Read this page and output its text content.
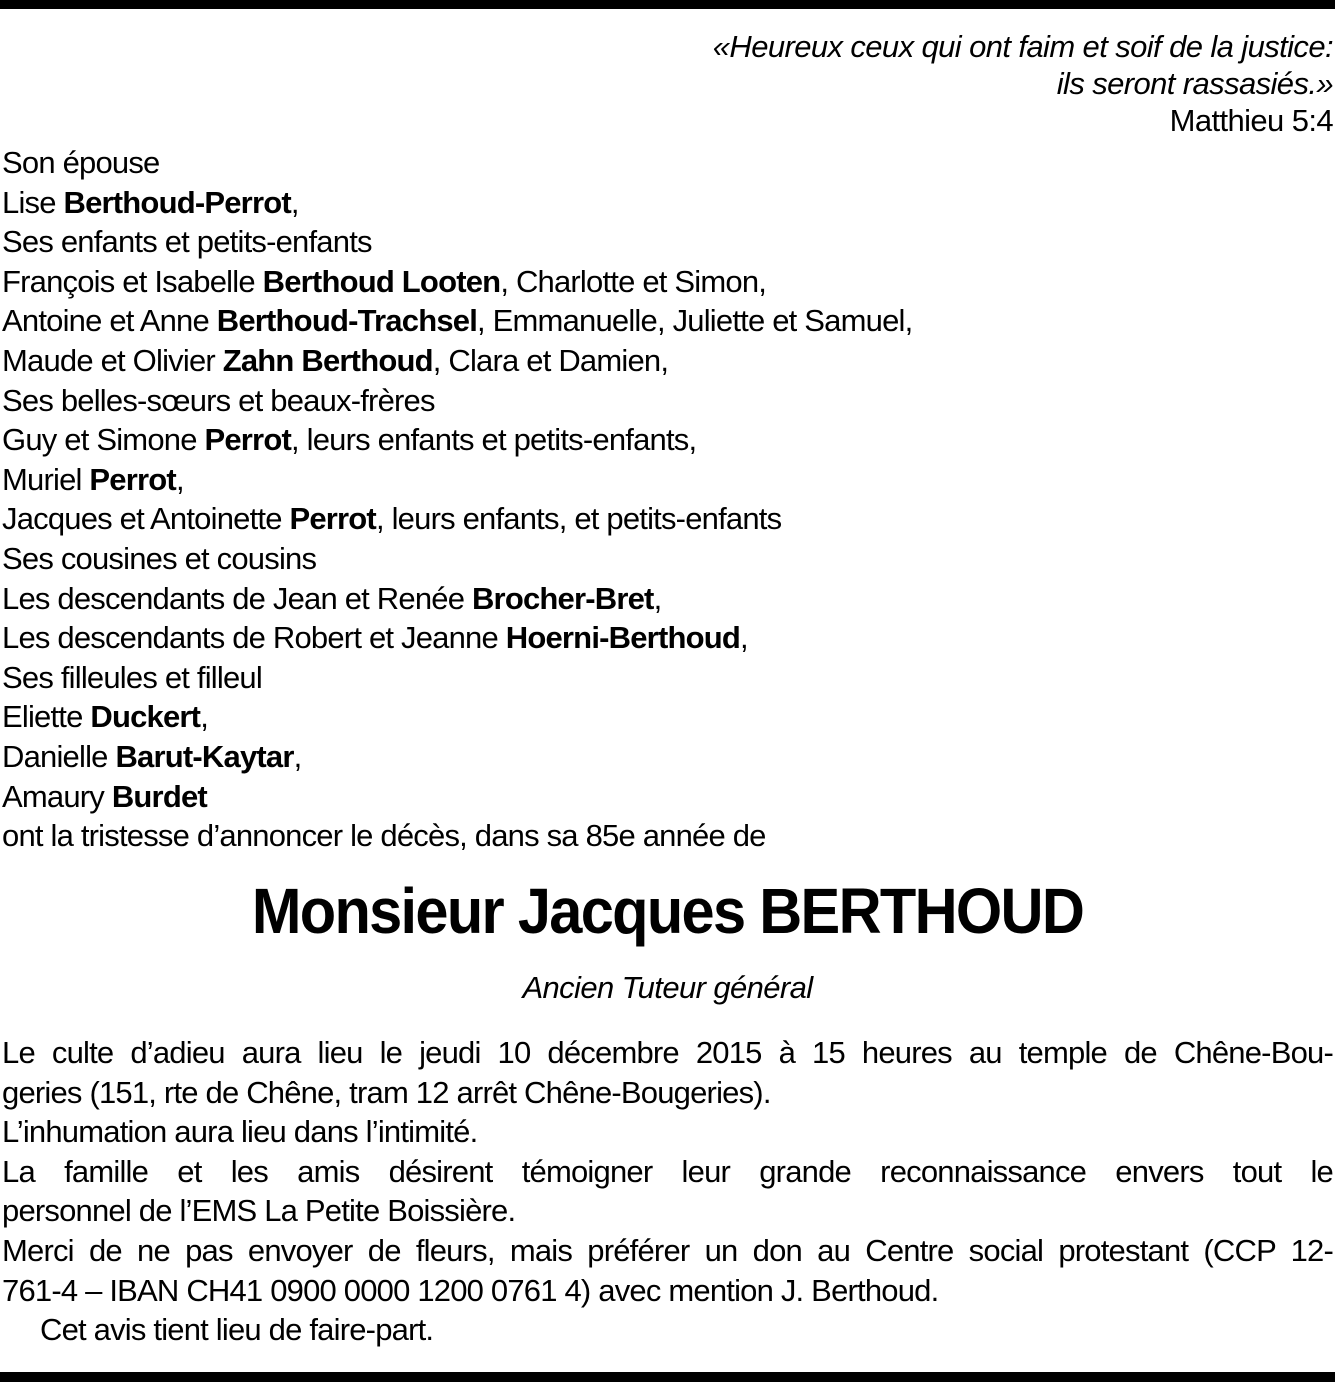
«Heureux ceux qui ont faim et soif de la justice:
ils seront rassasiés.»
Matthieu 5:4
Son épouse
Lise Berthoud-Perrot,
Ses enfants et petits-enfants
François et Isabelle Berthoud Looten, Charlotte et Simon,
Antoine et Anne Berthoud-Trachsel, Emmanuelle, Juliette et Samuel,
Maude et Olivier Zahn Berthoud, Clara et Damien,
Ses belles-sœurs et beaux-frères
Guy et Simone Perrot, leurs enfants et petits-enfants,
Muriel Perrot,
Jacques et Antoinette Perrot, leurs enfants, et petits-enfants
Ses cousines et cousins
Les descendants de Jean et Renée Brocher-Bret,
Les descendants de Robert et Jeanne Hoerni-Berthoud,
Ses filleules et filleul
Eliette Duckert,
Danielle Barut-Kaytar,
Amaury Burdet
ont la tristesse d’annoncer le décès, dans sa 85e année de
Monsieur Jacques BERTHOUD
Ancien Tuteur général
Le culte d’adieu aura lieu le jeudi 10 décembre 2015 à 15 heures au temple de Chêne-Bou-
geries (151, rte de Chêne, tram 12 arrêt Chêne-Bougeries).
L’inhumation aura lieu dans l’intimité.
La famille et les amis désirent témoigner leur grande reconnaissance envers tout le
personnel de l’EMS La Petite Boissière.
Merci de ne pas envoyer de fleurs, mais préférer un don au Centre social protestant (CCP 12-
761-4 – IBAN CH41 0900 0000 1200 0761 4) avec mention J. Berthoud.
Cet avis tient lieu de faire-part.
